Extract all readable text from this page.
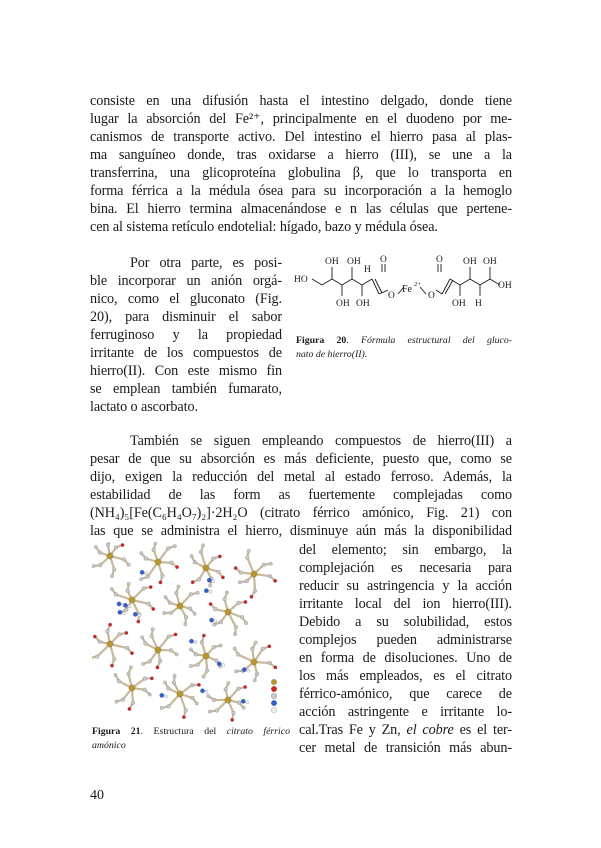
consiste en una difusión hasta el intestino delgado, donde tiene
lugar la absorción del Fe²⁺, principalmente en el duodeno por me-
canismos de transporte activo. Del intestino el hierro pasa al plas-
ma sanguíneo donde, tras oxidarse a hierro (III), se une a la
transferrina, una glicoproteína globulina β, que lo transporta en
forma férrica a la médula ósea para su incorporación a la hemoglo
bina. El hierro termina almacenándose e n las células que pertene-
cen al sistema retículo endotelial: hígado, bazo y médula ósea.
Por otra parte, es posi-
ble incorporar un anión orgá-
nico, como el gluconato (Fig.
20), para disminuir el sabor
ferruginoso y la propiedad
irritante de los compuestos de
hierro(II). Con este mismo fin
se emplean también fumarato,
lactato o ascorbato.
HO
OH OH O
H
OH OH
O
Fe 2+
O
O
OH
OH OH
H
OH
Figura 20. Fórmula estructural del gluco-
nato de hierro(II).
También se siguen empleando compuestos de hierro(III) a
pesar de que su absorción es más deficiente, puesto que, como se
dijo, exigen la reducción del metal al estado ferroso. Además, la
estabilidad de las form as fuertemente complejadas como
(NH₄)₅[Fe(C₆H₄O₇)₂]·2H₂O (citrato férrico amónico, Fig. 21) con
las que se administra el hierro, disminuye aún más la disponibilidad
del elemento; sin embargo, la
complejación es necesaria para
reducir su astringencia y la acción
irritante local del ion hierro(III).
Debido a su solubilidad, estos
complejos pueden administrarse
en forma de disoluciones. Uno de
los más empleados, es el citrato
férrico-amónico, que carece de
acción astringente e irritante lo-
cal.Tras Fe y Zn, el cobre es el ter-
cer metal de transición más abun-
Figura 21. Estructura del citrato férrico
amónico
40
